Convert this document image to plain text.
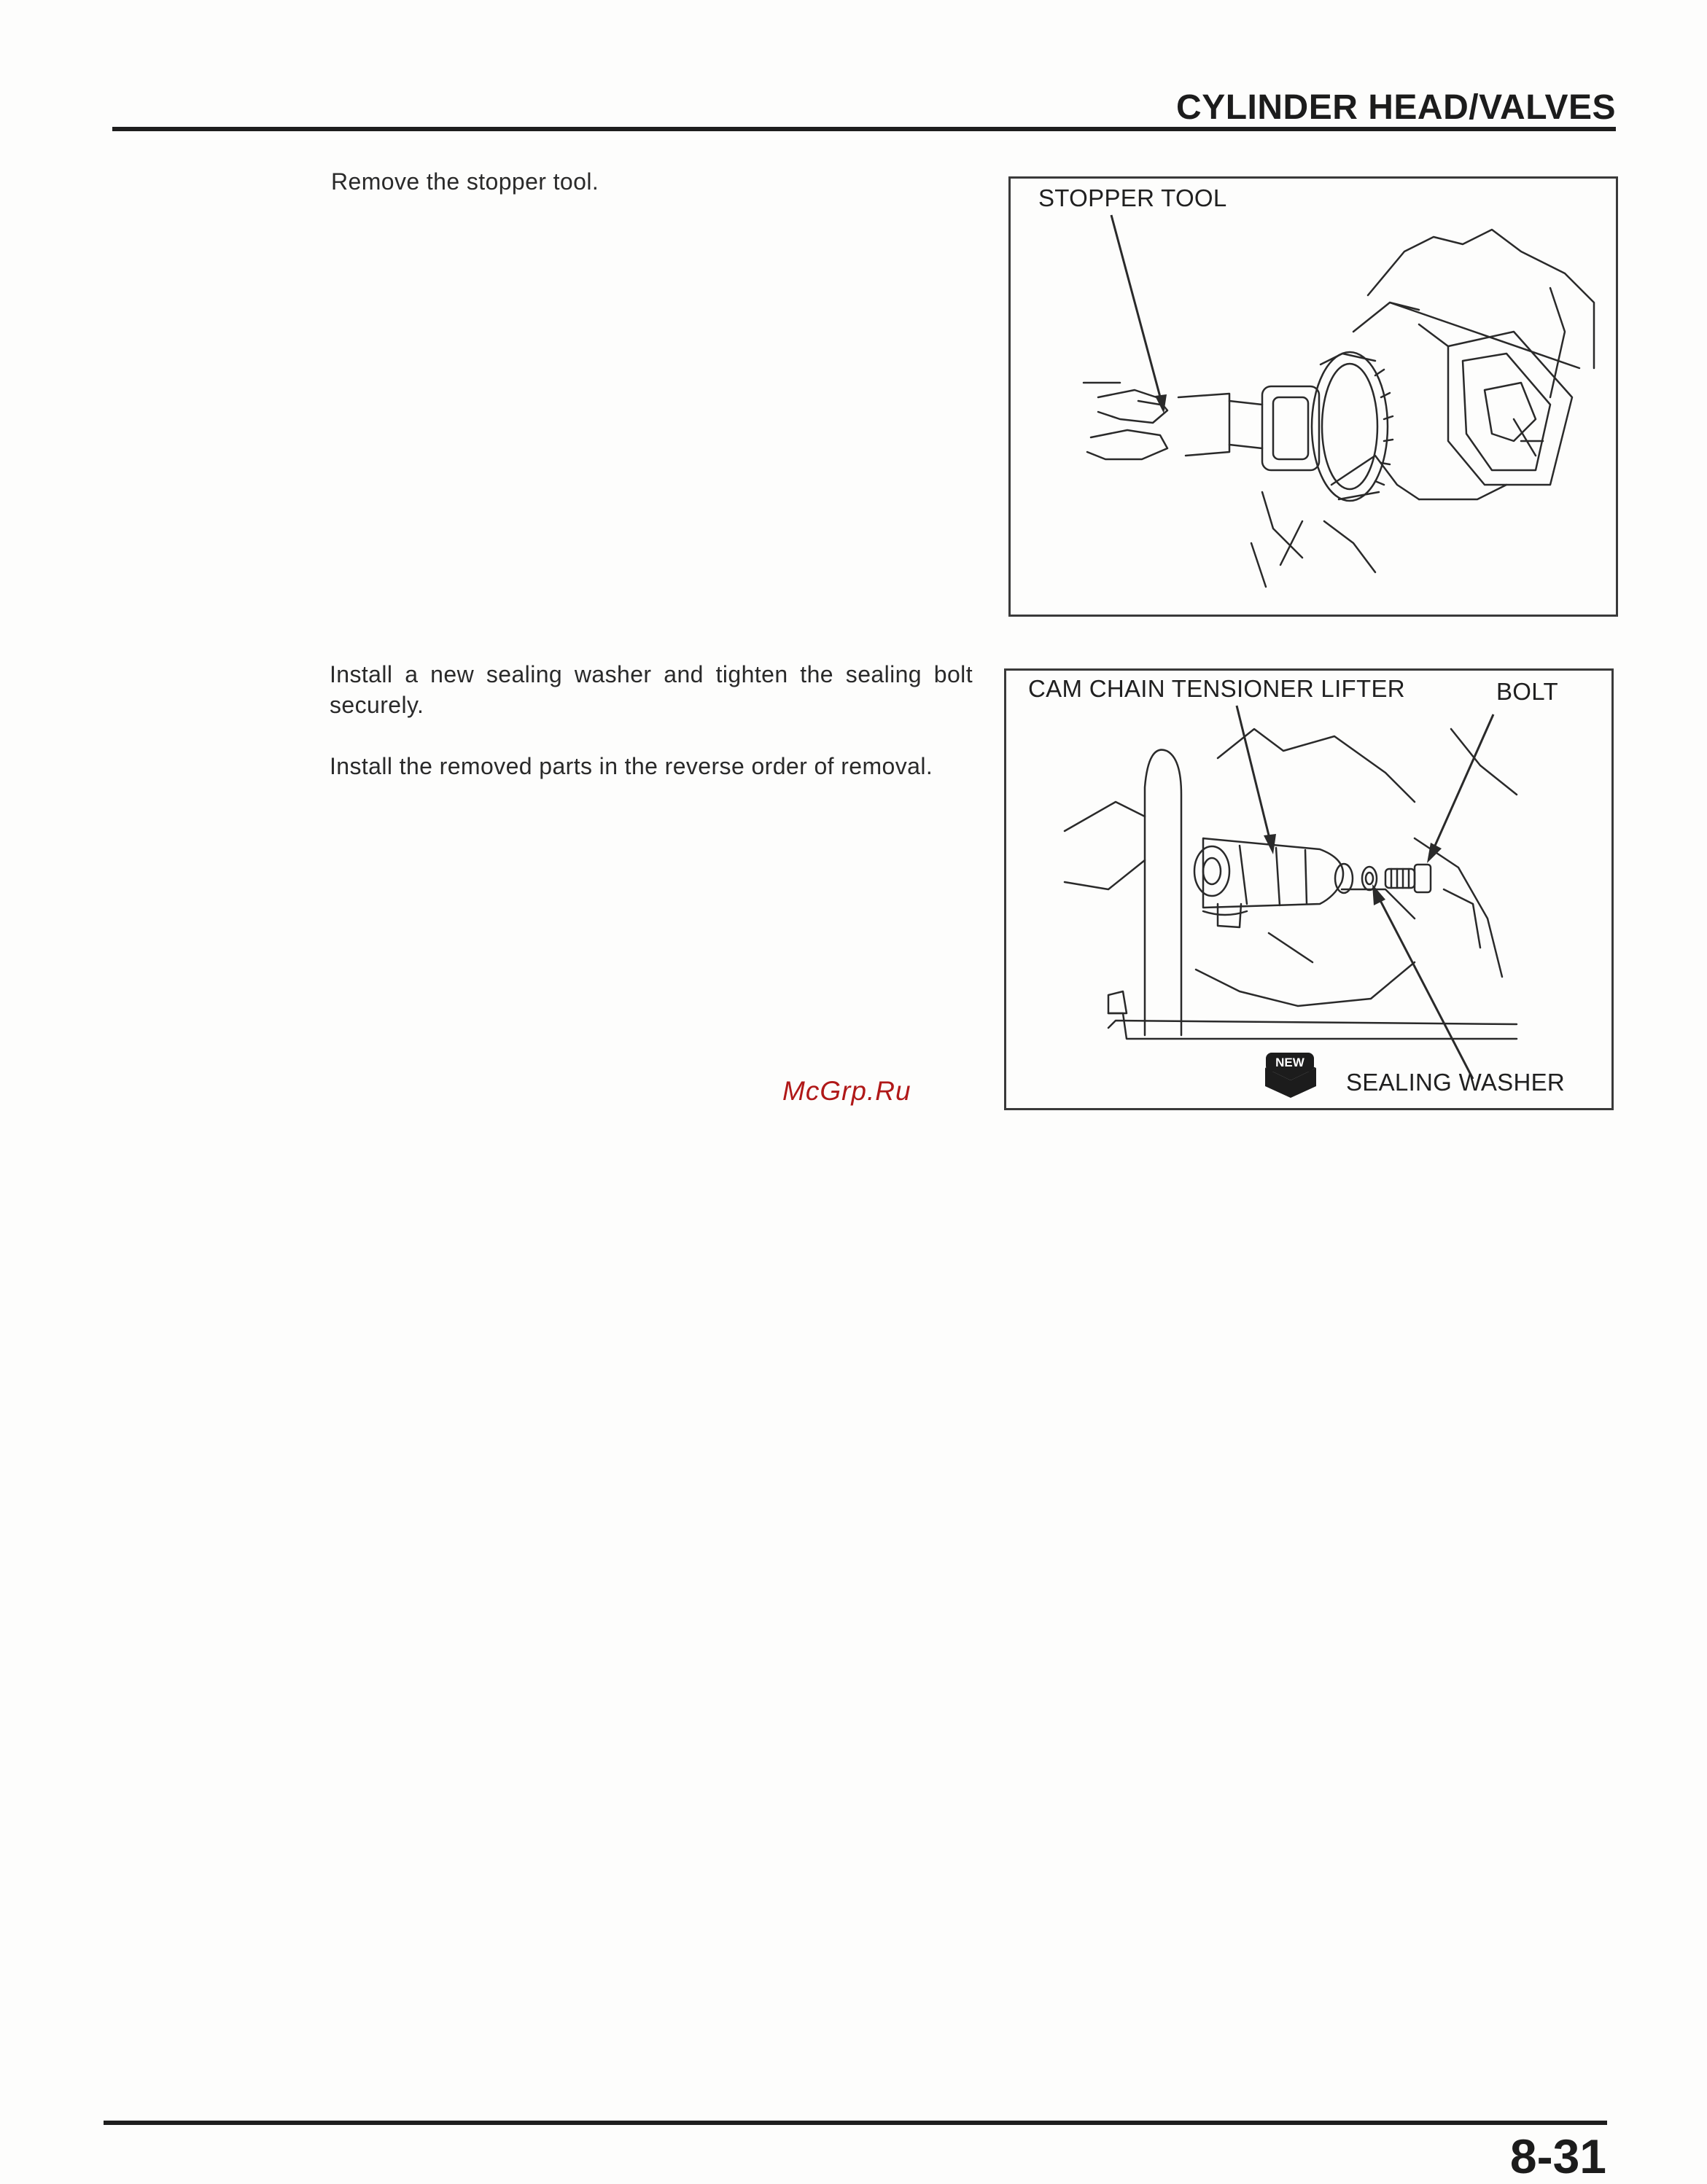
CYLINDER HEAD/VALVES
Remove the stopper tool.
STOPPER TOOL
Install a new sealing washer and tighten the sealing bolt securely.
Install the removed parts in the reverse order of removal.
NEW
CAM CHAIN TENSIONER LIFTER	BOLT
SEALING WASHER
McGrp.Ru
8-31
